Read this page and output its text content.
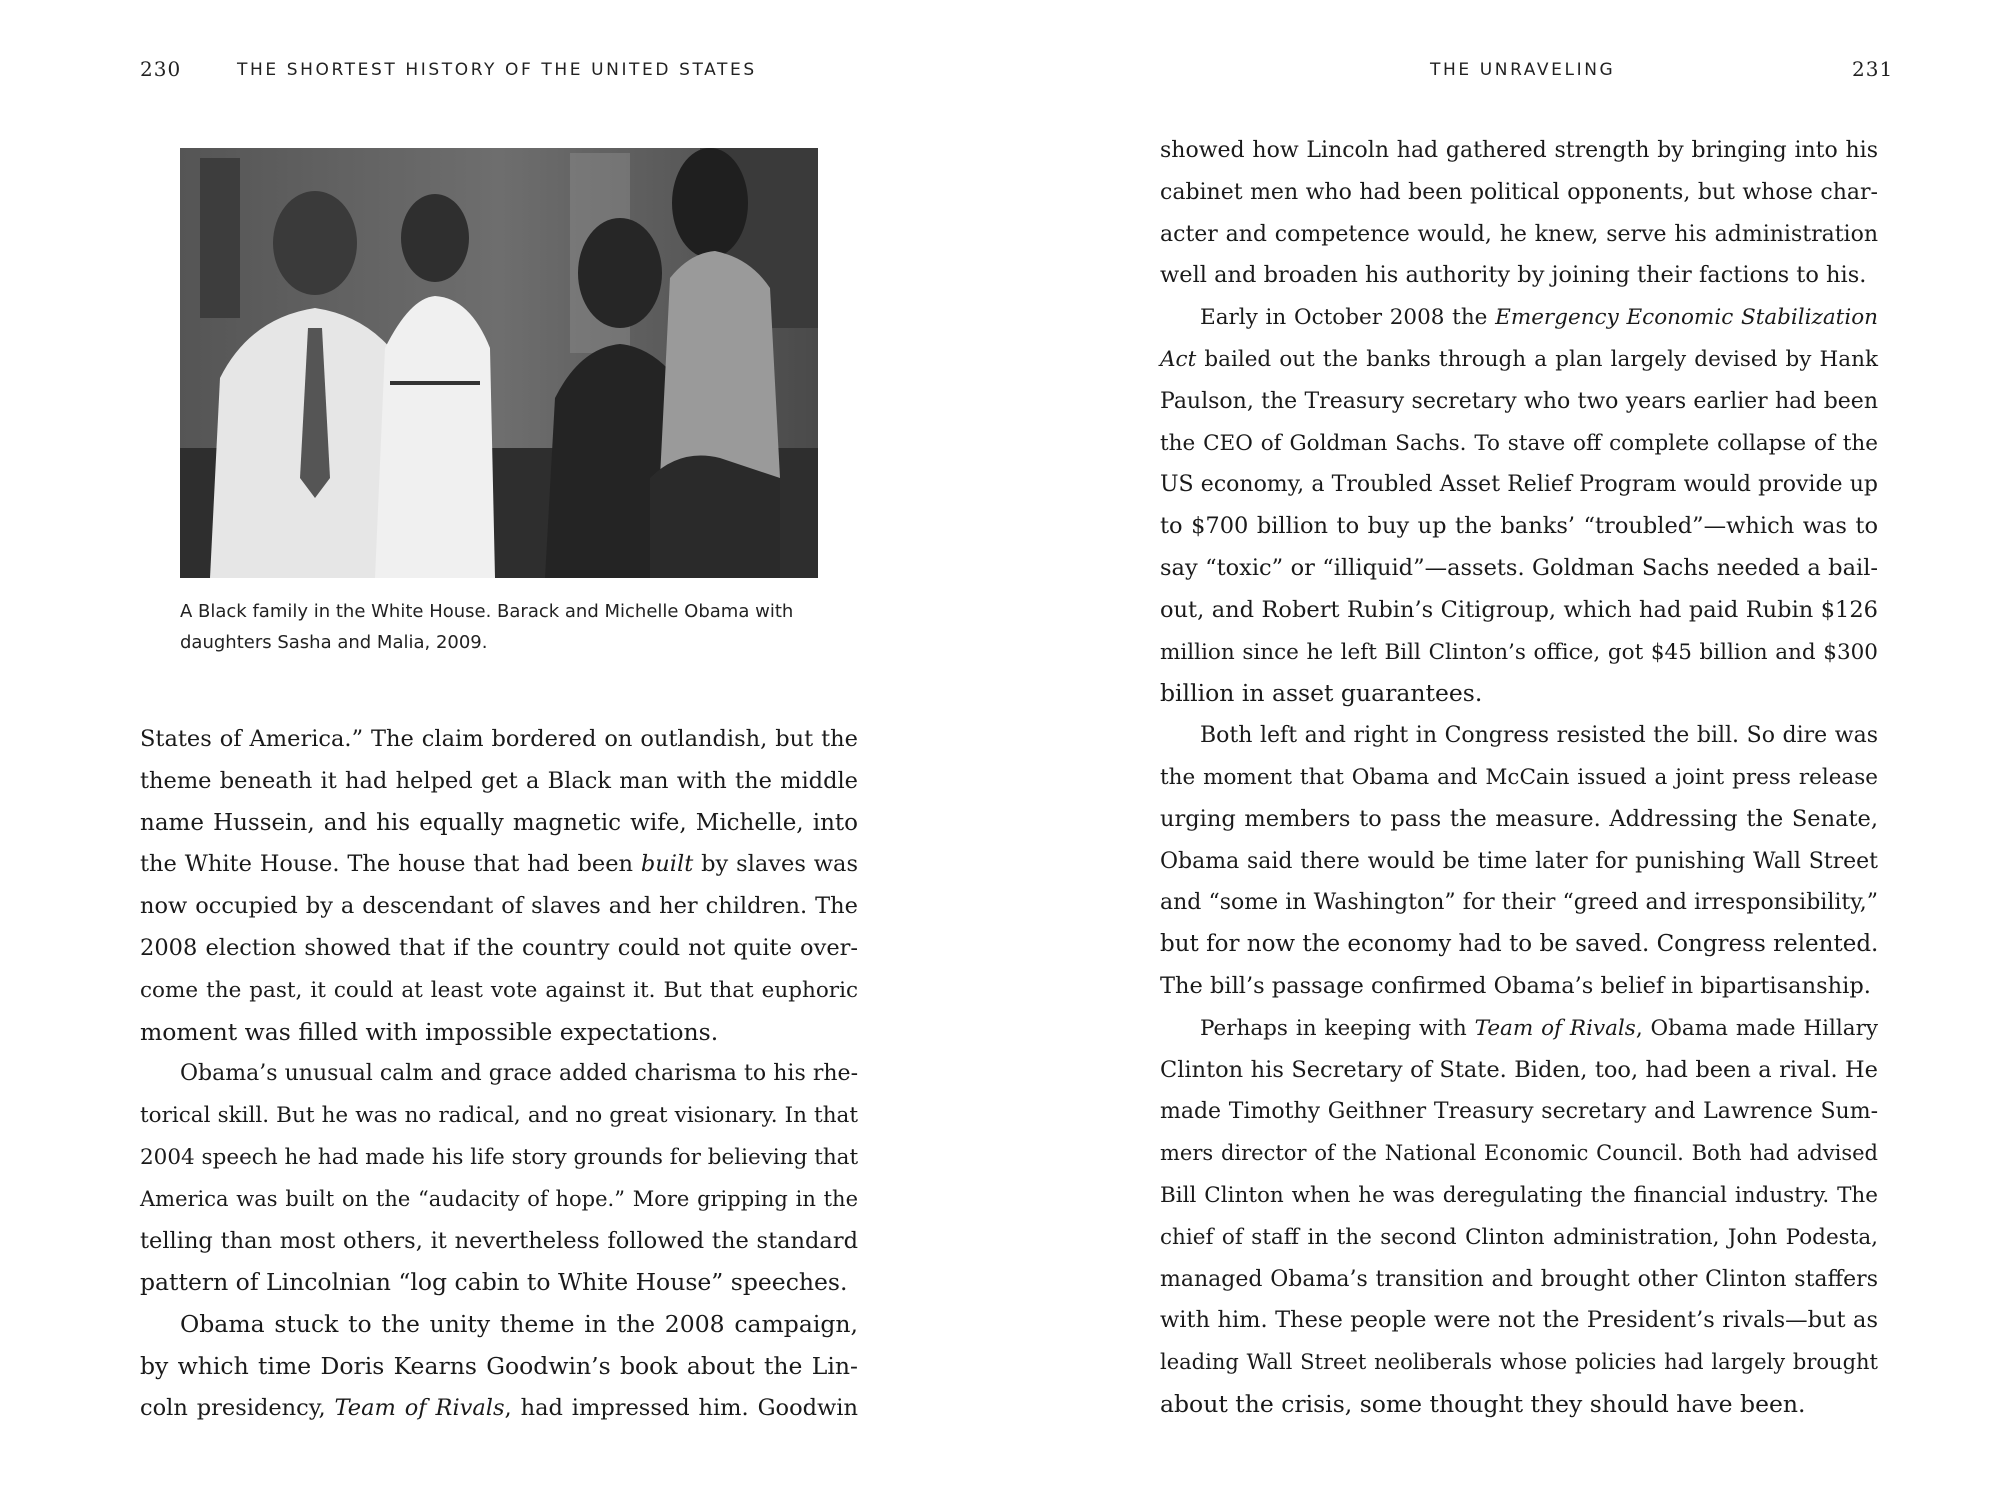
230	THE SHORTEST HISTORY OF THE UNITED STATES	THE UNRAVELING	231
A Black family in the White House. Barack and Michelle Obama with
daughters Sasha and Malia, 2009.
States of America.” The claim bordered on outlandish, but the
theme beneath it had helped get a Black man with the middle
name Hussein, and his equally magnetic wife, Michelle, into
the White House. The house that had been built by slaves was
now occupied by a descendant of slaves and her children. The
2008 election showed that if the country could not quite over-
come the past, it could at least vote against it. But that euphoric
moment was filled with impossible expectations.
Obama’s unusual calm and grace added charisma to his rhe-
torical skill. But he was no radical, and no great visionary. In that
2004 speech he had made his life story grounds for believing that
America was built on the “audacity of hope.” More gripping in the
telling than most others, it nevertheless followed the standard
pattern of Lincolnian “log cabin to White House” speeches.
Obama stuck to the unity theme in the 2008 campaign,
by which time Doris Kearns Goodwin’s book about the Lin-
coln presidency, Team of Rivals, had impressed him. Goodwin
showed how Lincoln had gathered strength by bringing into his
cabinet men who had been political opponents, but whose char-
acter and competence would, he knew, serve his administration
well and broaden his authority by joining their factions to his.
Early in October 2008 the Emergency Economic Stabilization
Act bailed out the banks through a plan largely devised by Hank
Paulson, the Treasury secretary who two years earlier had been
the CEO of Goldman Sachs. To stave off complete collapse of the
US economy, a Troubled Asset Relief Program would provide up
to $700 billion to buy up the banks’ “troubled”—which was to
say “toxic” or “illiquid”—assets. Goldman Sachs needed a bail-
out, and Robert Rubin’s Citigroup, which had paid Rubin $126
million since he left Bill Clinton’s office, got $45 billion and $300
billion in asset guarantees.
Both left and right in Congress resisted the bill. So dire was
the moment that Obama and McCain issued a joint press release
urging members to pass the measure. Addressing the Senate,
Obama said there would be time later for punishing Wall Street
and “some in Washington” for their “greed and irresponsibility,”
but for now the economy had to be saved. Congress relented.
The bill’s passage confirmed Obama’s belief in bipartisanship.
Perhaps in keeping with Team of Rivals, Obama made Hillary
Clinton his Secretary of State. Biden, too, had been a rival. He
made Timothy Geithner Treasury secretary and Lawrence Sum-
mers director of the National Economic Council. Both had advised
Bill Clinton when he was deregulating the financial industry. The
chief of staff in the second Clinton administration, John Podesta,
managed Obama’s transition and brought other Clinton staffers
with him. These people were not the President’s rivals—but as
leading Wall Street neoliberals whose policies had largely brought
about the crisis, some thought they should have been.
